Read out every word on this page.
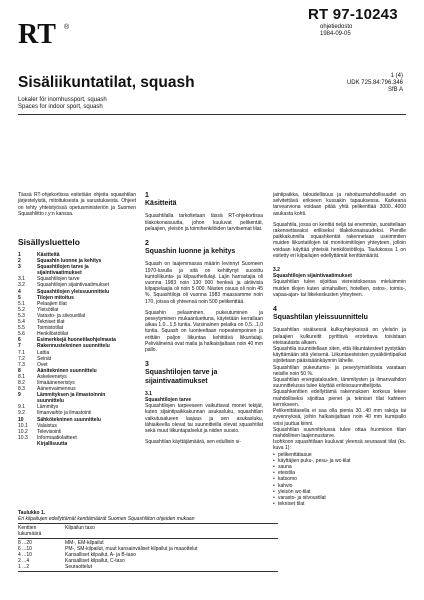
RT ®
RT 97-10243
ohjetiedosto
1984-09-05
Sisäliikuntatilat, squash	1 (4)
UDK 725.84:796.346
SfB A
Lokaler för inomhussport, squash
Spaces for indoor sport, squash

Tässä RT-ohjekortissa esitetään ohjeita squashtilan järjestelyistä, mitoituksesta ja varustuksesta. Ohjeet on tehty yhteistyössä opetusministeriön ja Suomen Squashliitto r.y:n kanssa.

Sisällysluettelo
1	Käsitteitä
2	Squashin luonne ja kehitys
3	Squashtilojen tarve ja
sijaintivaatimukset
3.1	Squashtilojen tarve
3.2	Squashtilojen sijaintivaatimukset
4	Squashtilojen yleissuunnittelu
5	Tilojen mitoitus
5.1	Pelaajien tilat
5.2	Yleisötilat
5.3	Varasto- ja siivoustilat
5.4	Tekniset tilat
5.5	Toimistotilat
5.6	Henkilöstötilat
6	Esimerkkejä huonetilaohjelmasta
7	Rakennustekninen suunnittelu
7.1	Lattia
7.2	Seinät
7.3	Ovet
8	Äänitekninen suunnittelu
8.1	Askeleenetys
8.2	Ilmaääneneristys
8.3	Äänenvaimennus
9	Lämmityksen ja ilmastoinnin
suunnittelu
9.1	Lämmitys
9.2	Ilmanvaihto ja ilmastointi
10	Sähkötekninen suunnittelu
10.1	Valaistus
10.2	Televisointi
10.3	Informaatiolaitteet
Kirjallisuutta
1
Käsitteitä

Squashtilalla tarkoitetaan tässä RT-ohjekortissa tilakokonaisuutta, johon kuuluvat pelikentät, pelaajien, yleisön ja toimihenkilöiden tarvitsemat tilat.

2
Squashin luonne ja kehitys

Squash on laajemmassa määrin levinnyt Suomeen 1970-luvulla ja sitä on kehittynyt suosittu kuntoliikunta- ja kilpaurheilulaji. Lajin harrastajia oli vuonna 1983 noin 130 000 henkeä ja aktiivisia kilpapelaajia oli noin 5 000. Nästen osuus oli noin 45 %. Squashtiloja oli vuonna 1983 maassamme noin 170, joissa oli yhteensä noin 500 pelikenttää.

Squashin pelaaminen, pukeutuminen ja peseytyminen mukaanluettuna, käytetään kerrallaan aikaa 1,0...1,5 tuntia. Varsinainen pelaika on 0,5...1,0 tuntia. Squash on luonteeltaan nopeatempoinen ja erittäin paljon liikuntaa kehittävä liikuntalaji. Pelivälineinä ovat maila ja halkaisijaltaan noin 40 mm pallo.

3
Squashtilojen tarve ja sijaintivaatimukset
3.1
Squashtilojen tarve

Squashtilojen tarpeeseen vaikuttavat monet tekijät, kuten sijaintipaikkakunnan asukasluku, squashtilan vaikutusalueen laajuus ja sen asukasluku, lähiaikeella olevat tai suunnitteilla olevat squashtilat sekä muut liikuntapalvelut ja niiden suosio.

Squashtilan käyttäjämäärä, sen edullisin si-

jaintipaikka, taloudellisuus ja rahoitusmahdollisuudet on selvitettävä erikseen kussakin tapauksessa. Karkeana tarvearviona voidaan pitää yhtä pelikenttää 3000...4000 asukasta kohti.

Squashtila, jossa on kenttiä neljä tai enemmän, suositellaan rakennettavaksi erilliseksi tilakokonaisuudeksi. Pienille paikkakunnilla squashkentät rakennetaan useimmiten muiden liikuntatilojen tai monitoimitilojen yhteyteen, jolloin voidaan käyttää yhteisiä henkilöstötiloja. Taulukossa 1 on esitetty eri kilpailujen edellyttämät kenttämäärät.

3.2
Squashtilojen sijaintivaatimukset

Squashtilan tulee sijoittaa viereistoksessa mieluimmin muiden tilojen kuten uimahallien, hotellien, ostos-, toimis-, vapaa-ajan- tai liikekeskusten yhteyteen.

4
Squashtilan yleissuunnittelu

Squashtilan sisäisessä kulkuyhteyksissä on yleisön ja pelaajien kulkureitit pyrittävä erotettava toisistaan eteisaulasta alkaen.

Squashtila suunnitellaan siten, että liikuntatesteet pystytään käyttämään sitä yleisenä. Liikuntaesteisten pysäköintipaikat sijoitetaan pääsisäänkäynnin lähelle.

Squashtilan pukeutumis- ja peseytymistiloista varataan neisille noin 50 %.

Squashtilan energiatalouden, lämmitysten ja ilmanvaihdon suunnittelussa tulee käyttää eriloissuunnittelijoita.

Squashkenttien edellyttämä rakennuksen korkeus tekee mahdolliseksi sijoittaa pienet ja tekniset tilat kahteen kerrokseen.

Pelikenttätasella ei saa olla pienia 30...40 mm rakoja tai syvennyksiä, joihin halkaisijaltaan noin 40 mm kumipallo voisi juuttua kiinni.

Squashtilan suunnittelussa tulee ottaa huomioon tilan mahdollinen laajennustarve.

Isohkoon squashtilaan kuuluvat yleensä seuraavat tilat (ks. kuva 1):

• pelikenttätasue
• käyttäjien puku-, pesu- ja wc-tilat
• sauna
• eteistila
• katsomo
• kahvio
• yleisön wc-tilat
• varasto- ja siivoustilat
• tekniset tilat
Taulukko 1.
Eri kilpailujen edellyttämät kenttämäärät Suomen Squashliiton ohjeiden mukaan
Kenttien	Kilpailun taso
lukumäärä
8 ...20	MM-, EM-kilpailut
6 ...10	PM-, SM-kilpailut, muut kansainväliset kilpailut ja maaottelut
4 ...10	Kansalliset kilpailut, A- ja B-taso
2 ...4	Kansalliset kilpailut, C-taso
1 ...2	Seuraottelut
